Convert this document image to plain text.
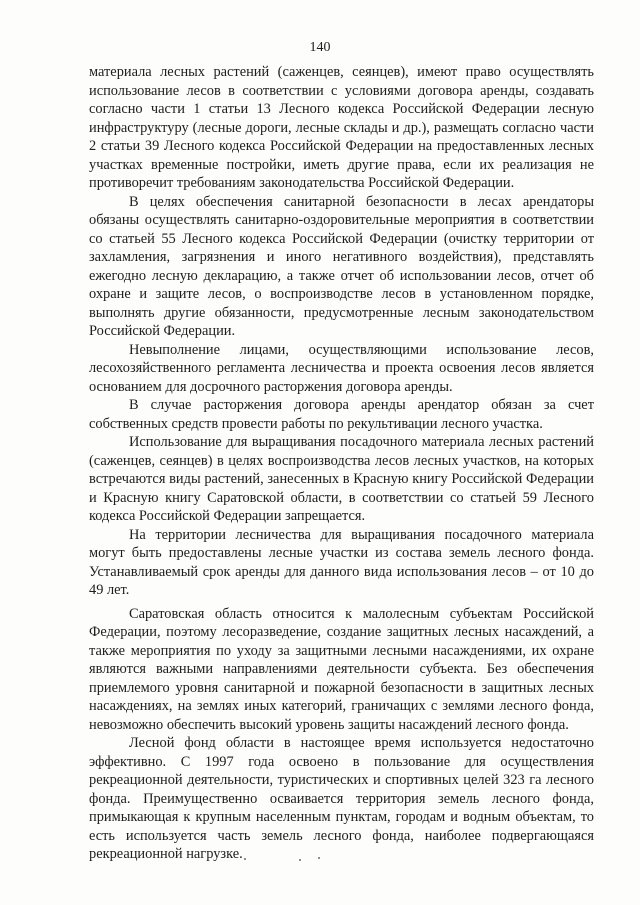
140

материала лесных растений (саженцев, сеянцев), имеют право осуществлять использование лесов в соответствии с условиями договора аренды, создавать согласно части 1 статьи 13 Лесного кодекса Российской Федерации лесную инфраструктуру (лесные дороги, лесные склады и др.), размещать согласно части 2 статьи 39 Лесного кодекса Российской Федерации на предоставленных лесных участках временные постройки, иметь другие права, если их реализация не противоречит требованиям законодательства Российской Федерации.

В целях обеспечения санитарной безопасности в лесах арендаторы обязаны осуществлять санитарно-оздоровительные мероприятия в соответствии со статьей 55 Лесного кодекса Российской Федерации (очистку территории от захламления, загрязнения и иного негативного воздействия), представлять ежегодно лесную декларацию, а также отчет об использовании лесов, отчет об охране и защите лесов, о воспроизводстве лесов в установленном порядке, выполнять другие обязанности, предусмотренные лесным законодательством Российской Федерации.

Невыполнение лицами, осуществляющими использование лесов, лесохозяйственного регламента лесничества и проекта освоения лесов является основанием для досрочного расторжения договора аренды.

В случае расторжения договора аренды арендатор обязан за счет собственных средств провести работы по рекультивации лесного участка.

Использование для выращивания посадочного материала лесных растений (саженцев, сеянцев) в целях воспроизводства лесов лесных участков, на которых встречаются виды растений, занесенных в Красную книгу Российской Федерации и Красную книгу Саратовской области, в соответствии со статьей 59 Лесного кодекса Российской Федерации запрещается.

На территории лесничества для выращивания посадочного материала могут быть предоставлены лесные участки из состава земель лесного фонда. Устанавливаемый срок аренды для данного вида использования лесов – от 10 до 49 лет.

Саратовская область относится к малолесным субъектам Российской Федерации, поэтому лесоразведение, создание защитных лесных насаждений, а также мероприятия по уходу за защитными лесными насаждениями, их охране являются важными направлениями деятельности субъекта. Без обеспечения приемлемого уровня санитарной и пожарной безопасности в защитных лесных насаждениях, на землях иных категорий, граничащих с землями лесного фонда, невозможно обеспечить высокий уровень защиты насаждений лесного фонда.

Лесной фонд области в настоящее время используется недостаточно эффективно. С 1997 года освоено в пользование для осуществления рекреационной деятельности, туристических и спортивных целей 323 га лесного фонда. Преимущественно осваивается территория земель лесного фонда, примыкающая к крупным населенным пунктам, городам и водным объектам, то есть используется часть земель лесного фонда, наиболее подвергающаяся рекреационной нагрузке.
